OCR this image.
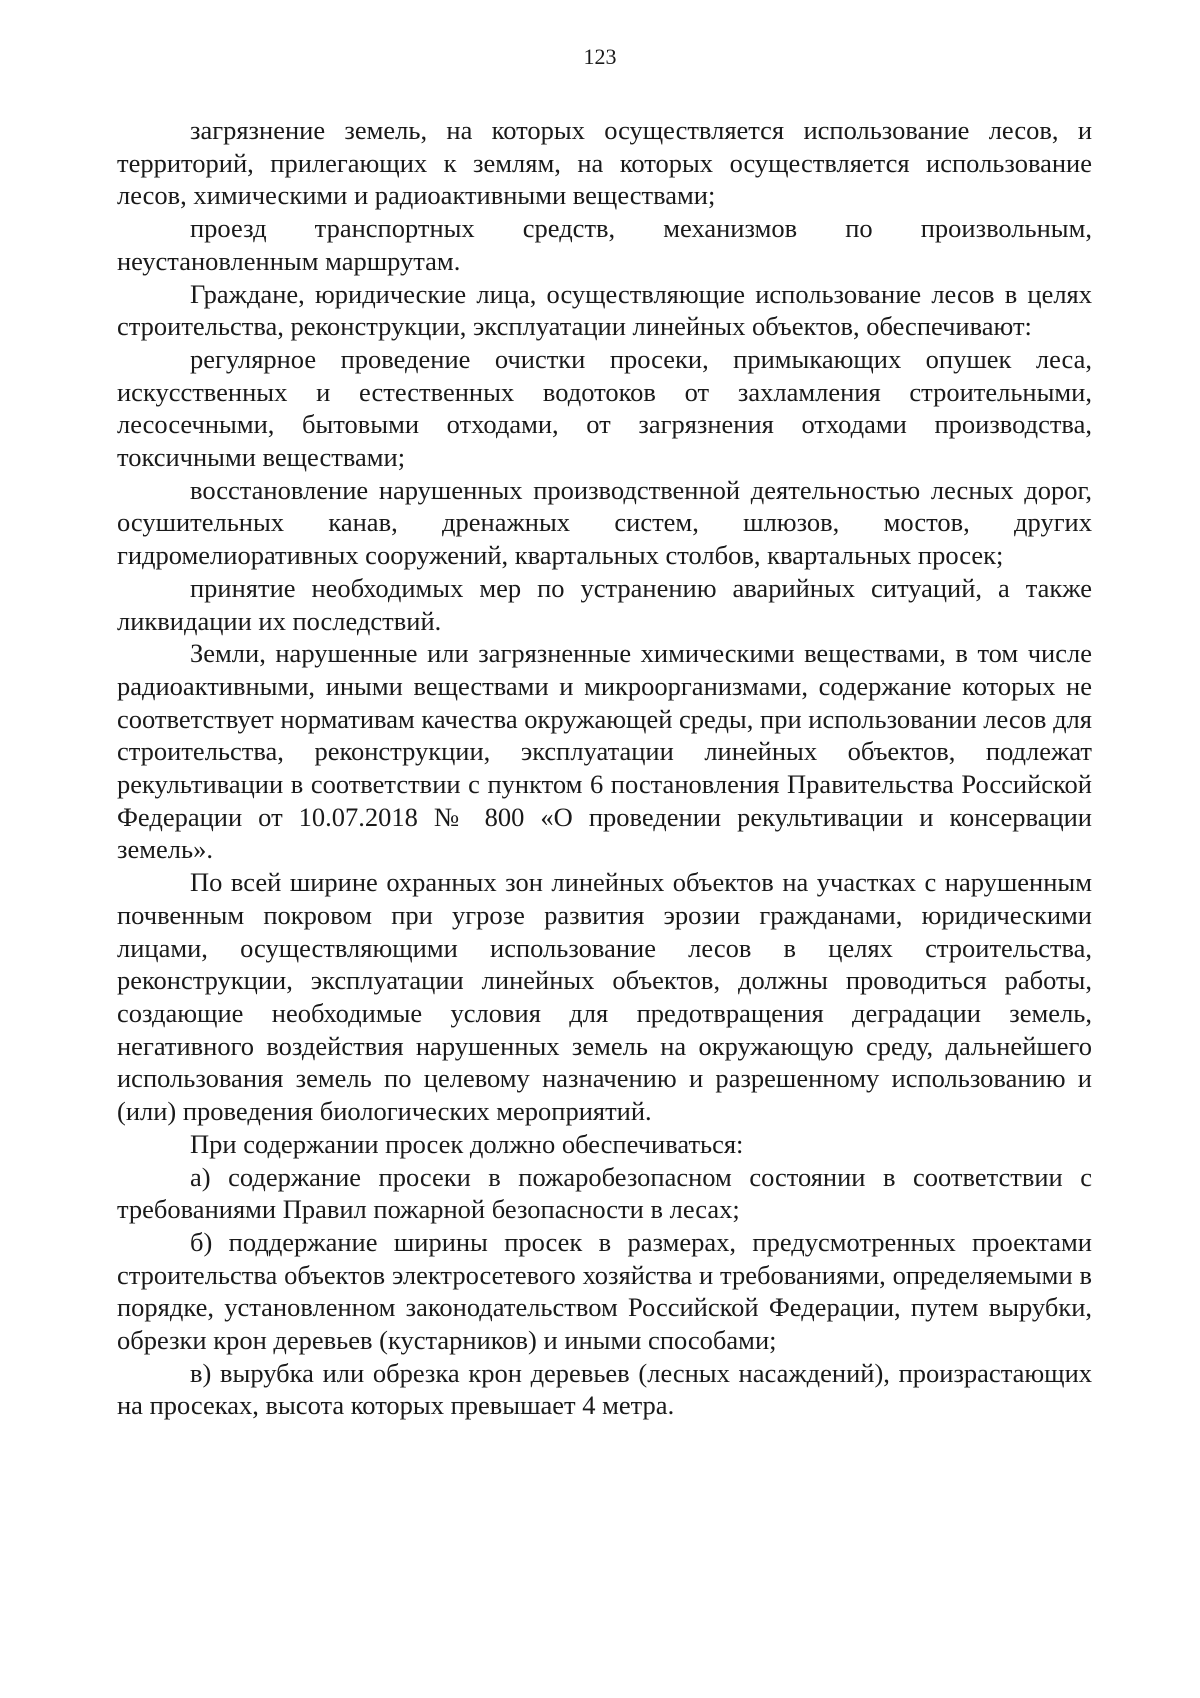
123

загрязнение земель, на которых осуществляется использование лесов, и территорий, прилегающих к землям, на которых осуществляется использование лесов, химическими и радиоактивными веществами;

проезд транспортных средств, механизмов по произвольным, неустановленным маршрутам.

Граждане, юридические лица, осуществляющие использование лесов в целях строительства, реконструкции, эксплуатации линейных объектов, обеспечивают:

регулярное проведение очистки просеки, примыкающих опушек леса, искусственных и естественных водотоков от захламления строительными, лесосечными, бытовыми отходами, от загрязнения отходами производства, токсичными веществами;

восстановление нарушенных производственной деятельностью лесных дорог, осушительных канав, дренажных систем, шлюзов, мостов, других гидромелиоративных сооружений, квартальных столбов, квартальных просек;

принятие необходимых мер по устранению аварийных ситуаций, а также ликвидации их последствий.

Земли, нарушенные или загрязненные химическими веществами, в том числе радиоактивными, иными веществами и микроорганизмами, содержание которых не соответствует нормативам качества окружающей среды, при использовании лесов для строительства, реконструкции, эксплуатации линейных объектов, подлежат рекультивации в соответствии с пунктом 6 постановления Правительства Российской Федерации от 10.07.2018 № 800 «О проведении рекультивации и консервации земель».

По всей ширине охранных зон линейных объектов на участках с нарушенным почвенным покровом при угрозе развития эрозии гражданами, юридическими лицами, осуществляющими использование лесов в целях строительства, реконструкции, эксплуатации линейных объектов, должны проводиться работы, создающие необходимые условия для предотвращения деградации земель, негативного воздействия нарушенных земель на окружающую среду, дальнейшего использования земель по целевому назначению и разрешенному использованию и (или) проведения биологических мероприятий.

При содержании просек должно обеспечиваться:

а) содержание просеки в пожаробезопасном состоянии в соответствии с требованиями Правил пожарной безопасности в лесах;

б) поддержание ширины просек в размерах, предусмотренных проектами строительства объектов электросетевого хозяйства и требованиями, определяемыми в порядке, установленном законодательством Российской Федерации, путем вырубки, обрезки крон деревьев (кустарников) и иными способами;

в) вырубка или обрезка крон деревьев (лесных насаждений), произрастающих на просеках, высота которых превышает 4 метра.
